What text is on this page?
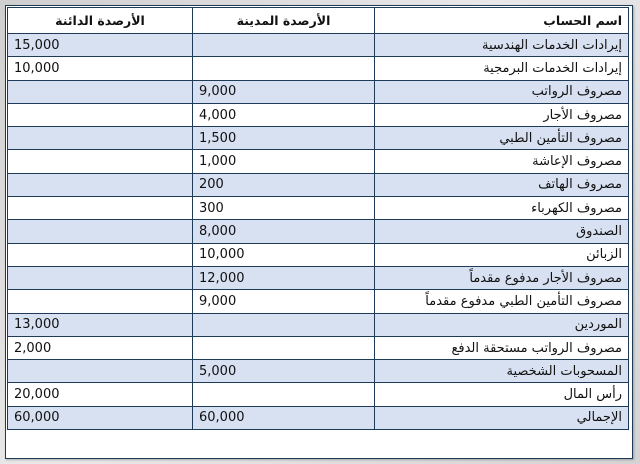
اسم الحساب	الأرصدة المدينة	الأرصدة الدائنة
إيرادات الخدمات الهندسية		15,000
إيرادات الخدمات البرمجية		10,000
مصروف الرواتب	9,000	
مصروف الأجار	4,000	
مصروف التأمين الطبي	1,500	
مصروف الإعاشة	1,000	
مصروف الهاتف	200	
مصروف الكهرباء	300	
الصندوق	8,000	
الزبائن	10,000	
مصروف الأجار مدفوع مقدماً	12,000	
مصروف التأمين الطبي مدفوع مقدماً	9,000	
الموردين		13,000
مصروف الرواتب مستحقة الدفع		2,000
المسحوبات الشخصية	5,000	
رأس المال		20,000
الإجمالي	60,000	60,000
